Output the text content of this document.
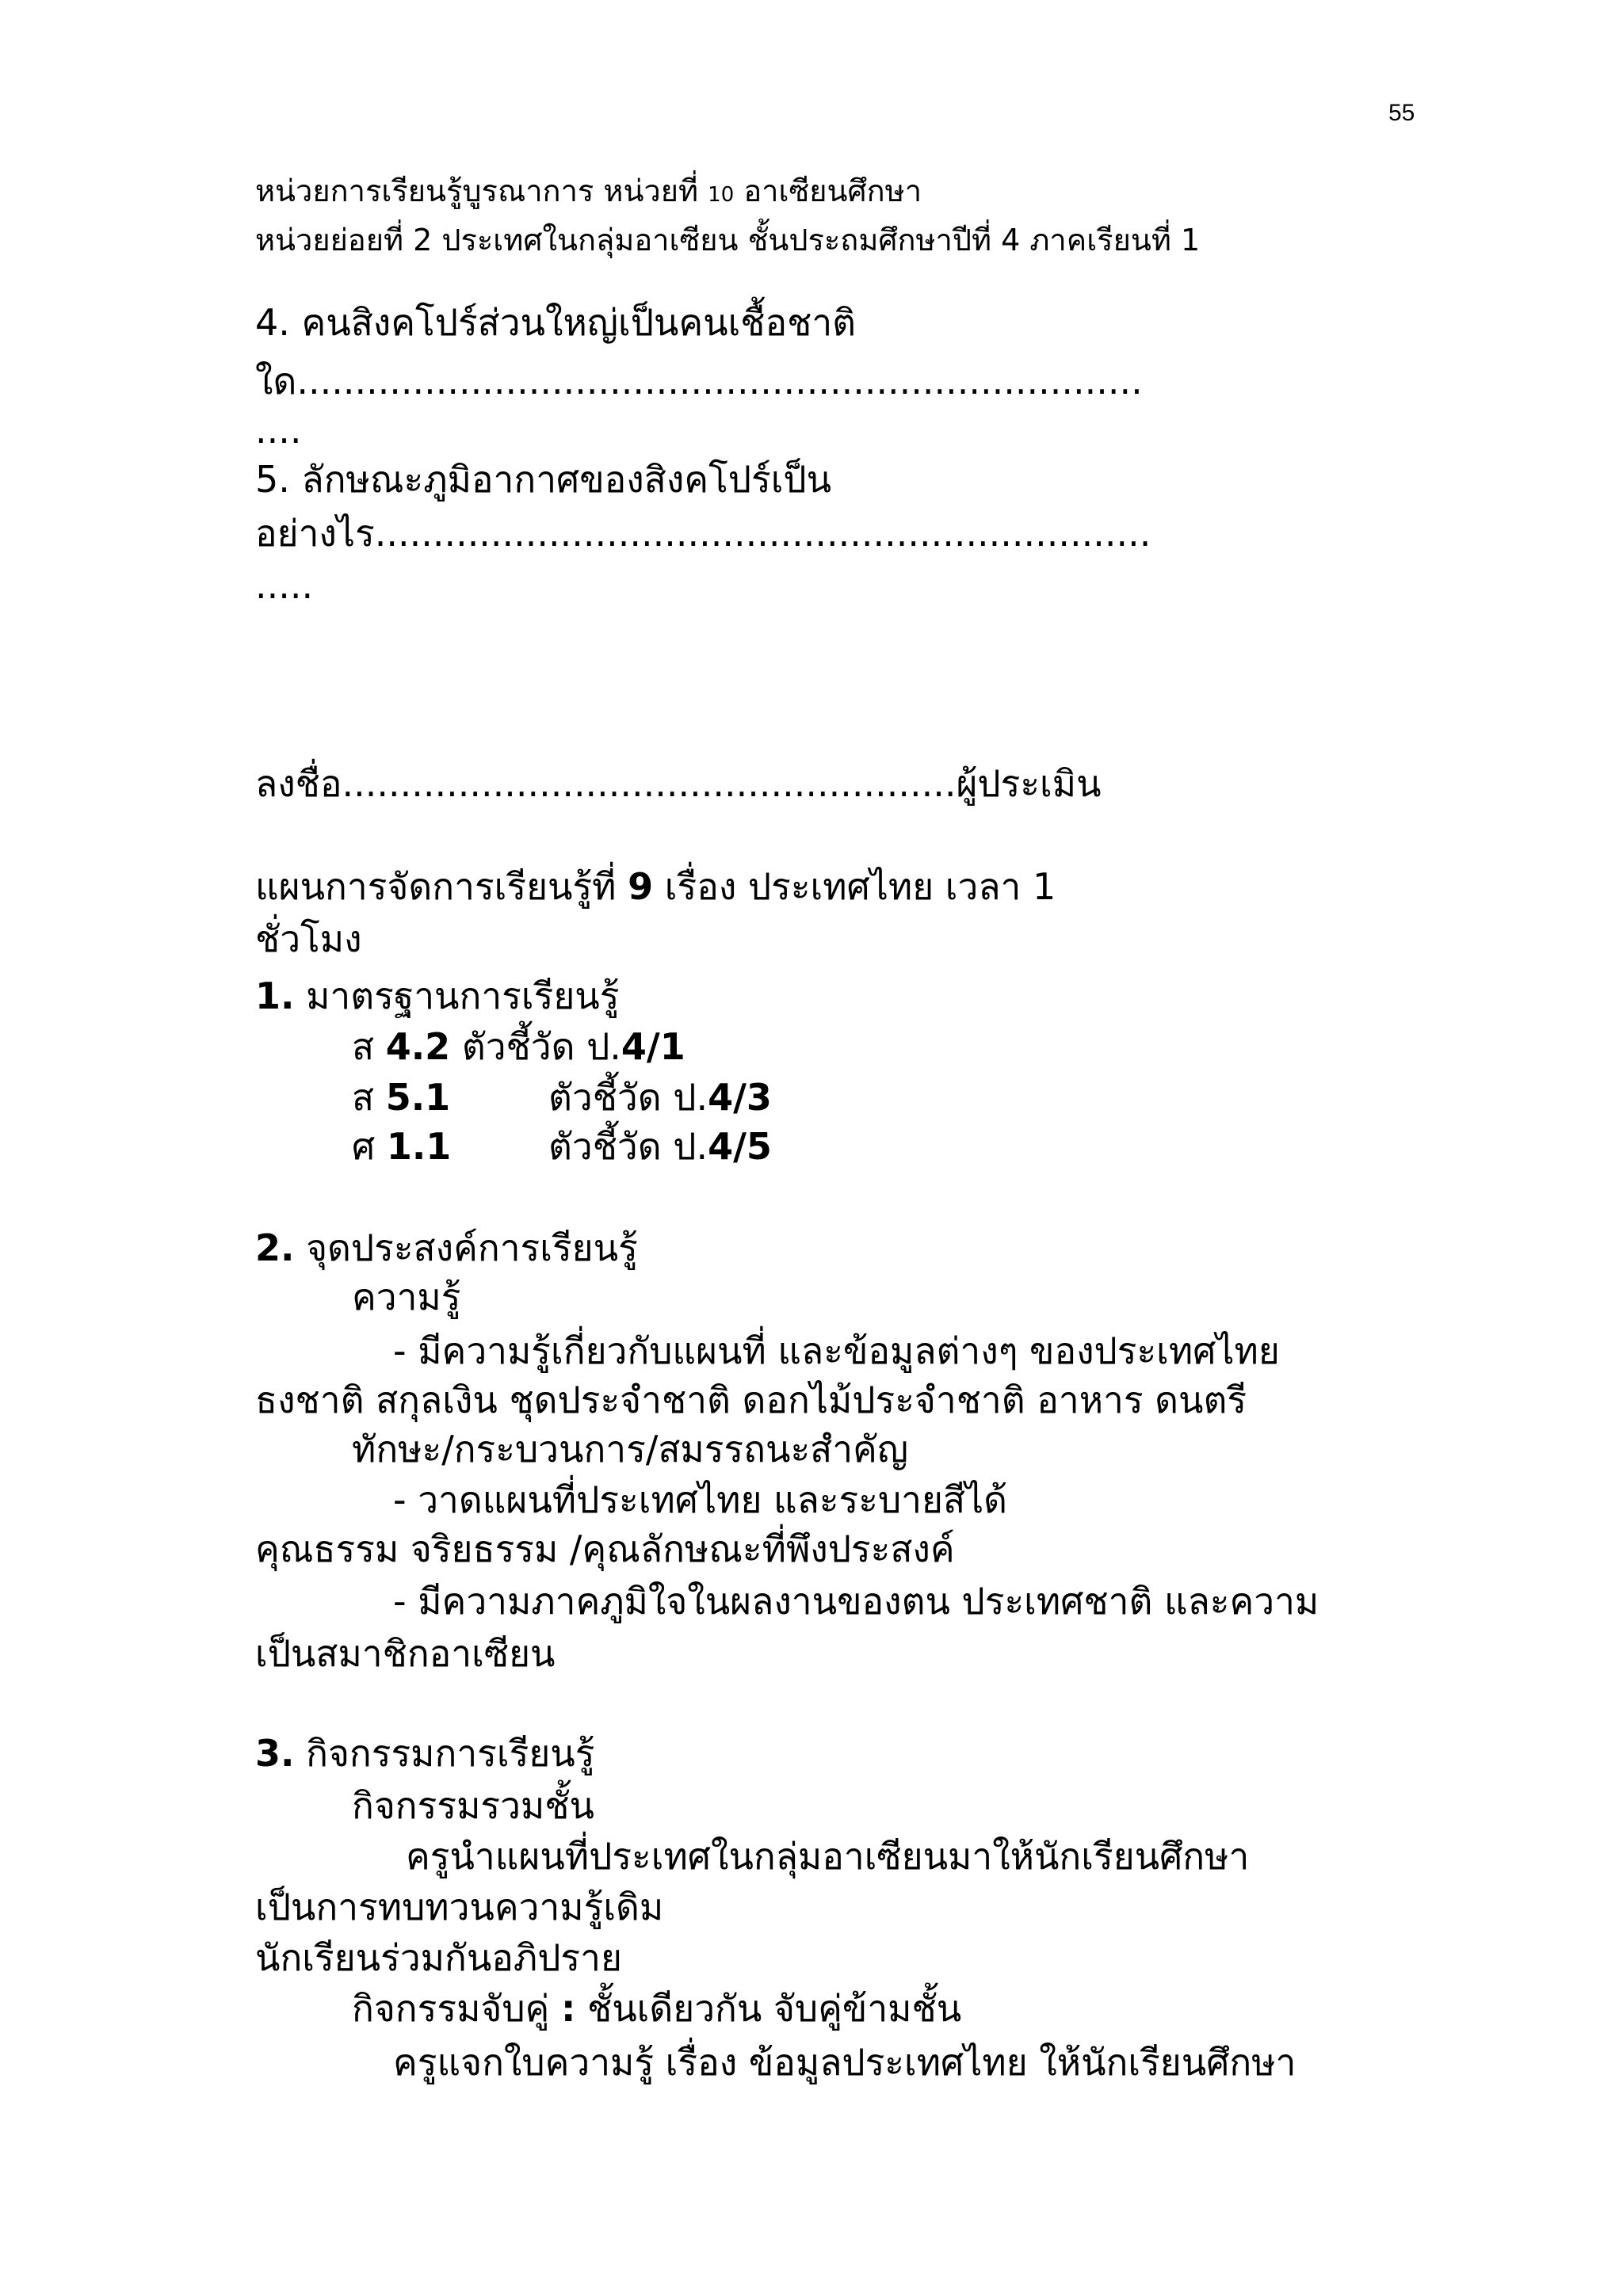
55
หน่วยการเรียนรู้บูรณาการ หน่วยที่ 10 อาเซียนศึกษา
หน่วยย่อยที่ 2 ประเทศในกลุ่มอาเซียน ชั้นประถมศึกษาปีที่ 4 ภาคเรียนที่ 1
4. คนสิงคโปร์ส่วนใหญ่เป็นคนเชื้อชาติ
ใด.........................................................................
....
5. ลักษณะภูมิอากาศของสิงคโปร์เป็น
อย่างไร...................................................................
.....
ลงชื่อ.....................................................ผู้ประเมิน
แผนการจัดการเรียนรู้ที่ 9 เรื่อง ประเทศไทย เวลา 1
ชั่วโมง
1. มาตรฐานการเรียนรู้
ส 4.2 ตัวชี้วัด ป.4/1
ส 5.1	ตัวชี้วัด ป.4/3
ศ 1.1	ตัวชี้วัด ป.4/5
2. จุดประสงค์การเรียนรู้
ความรู้
- มีความรู้เกี่ยวกับแผนที่ และข้อมูลต่างๆ ของประเทศไทย
ธงชาติ สกุลเงิน ชุดประจำชาติ ดอกไม้ประจำชาติ อาหาร ดนตรี
ทักษะ/กระบวนการ/สมรรถนะสำคัญ
- วาดแผนที่ประเทศไทย และระบายสีได้
คุณธรรม จริยธรรม /คุณลักษณะที่พึงประสงค์
- มีความภาคภูมิใจในผลงานของตน ประเทศชาติ และความ
เป็นสมาชิกอาเซียน
3. กิจกรรมการเรียนรู้
กิจกรรมรวมชั้น
ครูนำแผนที่ประเทศในกลุ่มอาเซียนมาให้นักเรียนศึกษา
เป็นการทบทวนความรู้เดิม
นักเรียนร่วมกันอภิปราย
กิจกรรมจับคู่ : ชั้นเดียวกัน จับคู่ข้ามชั้น
ครูแจกใบความรู้ เรื่อง ข้อมูลประเทศไทย ให้นักเรียนศึกษา
